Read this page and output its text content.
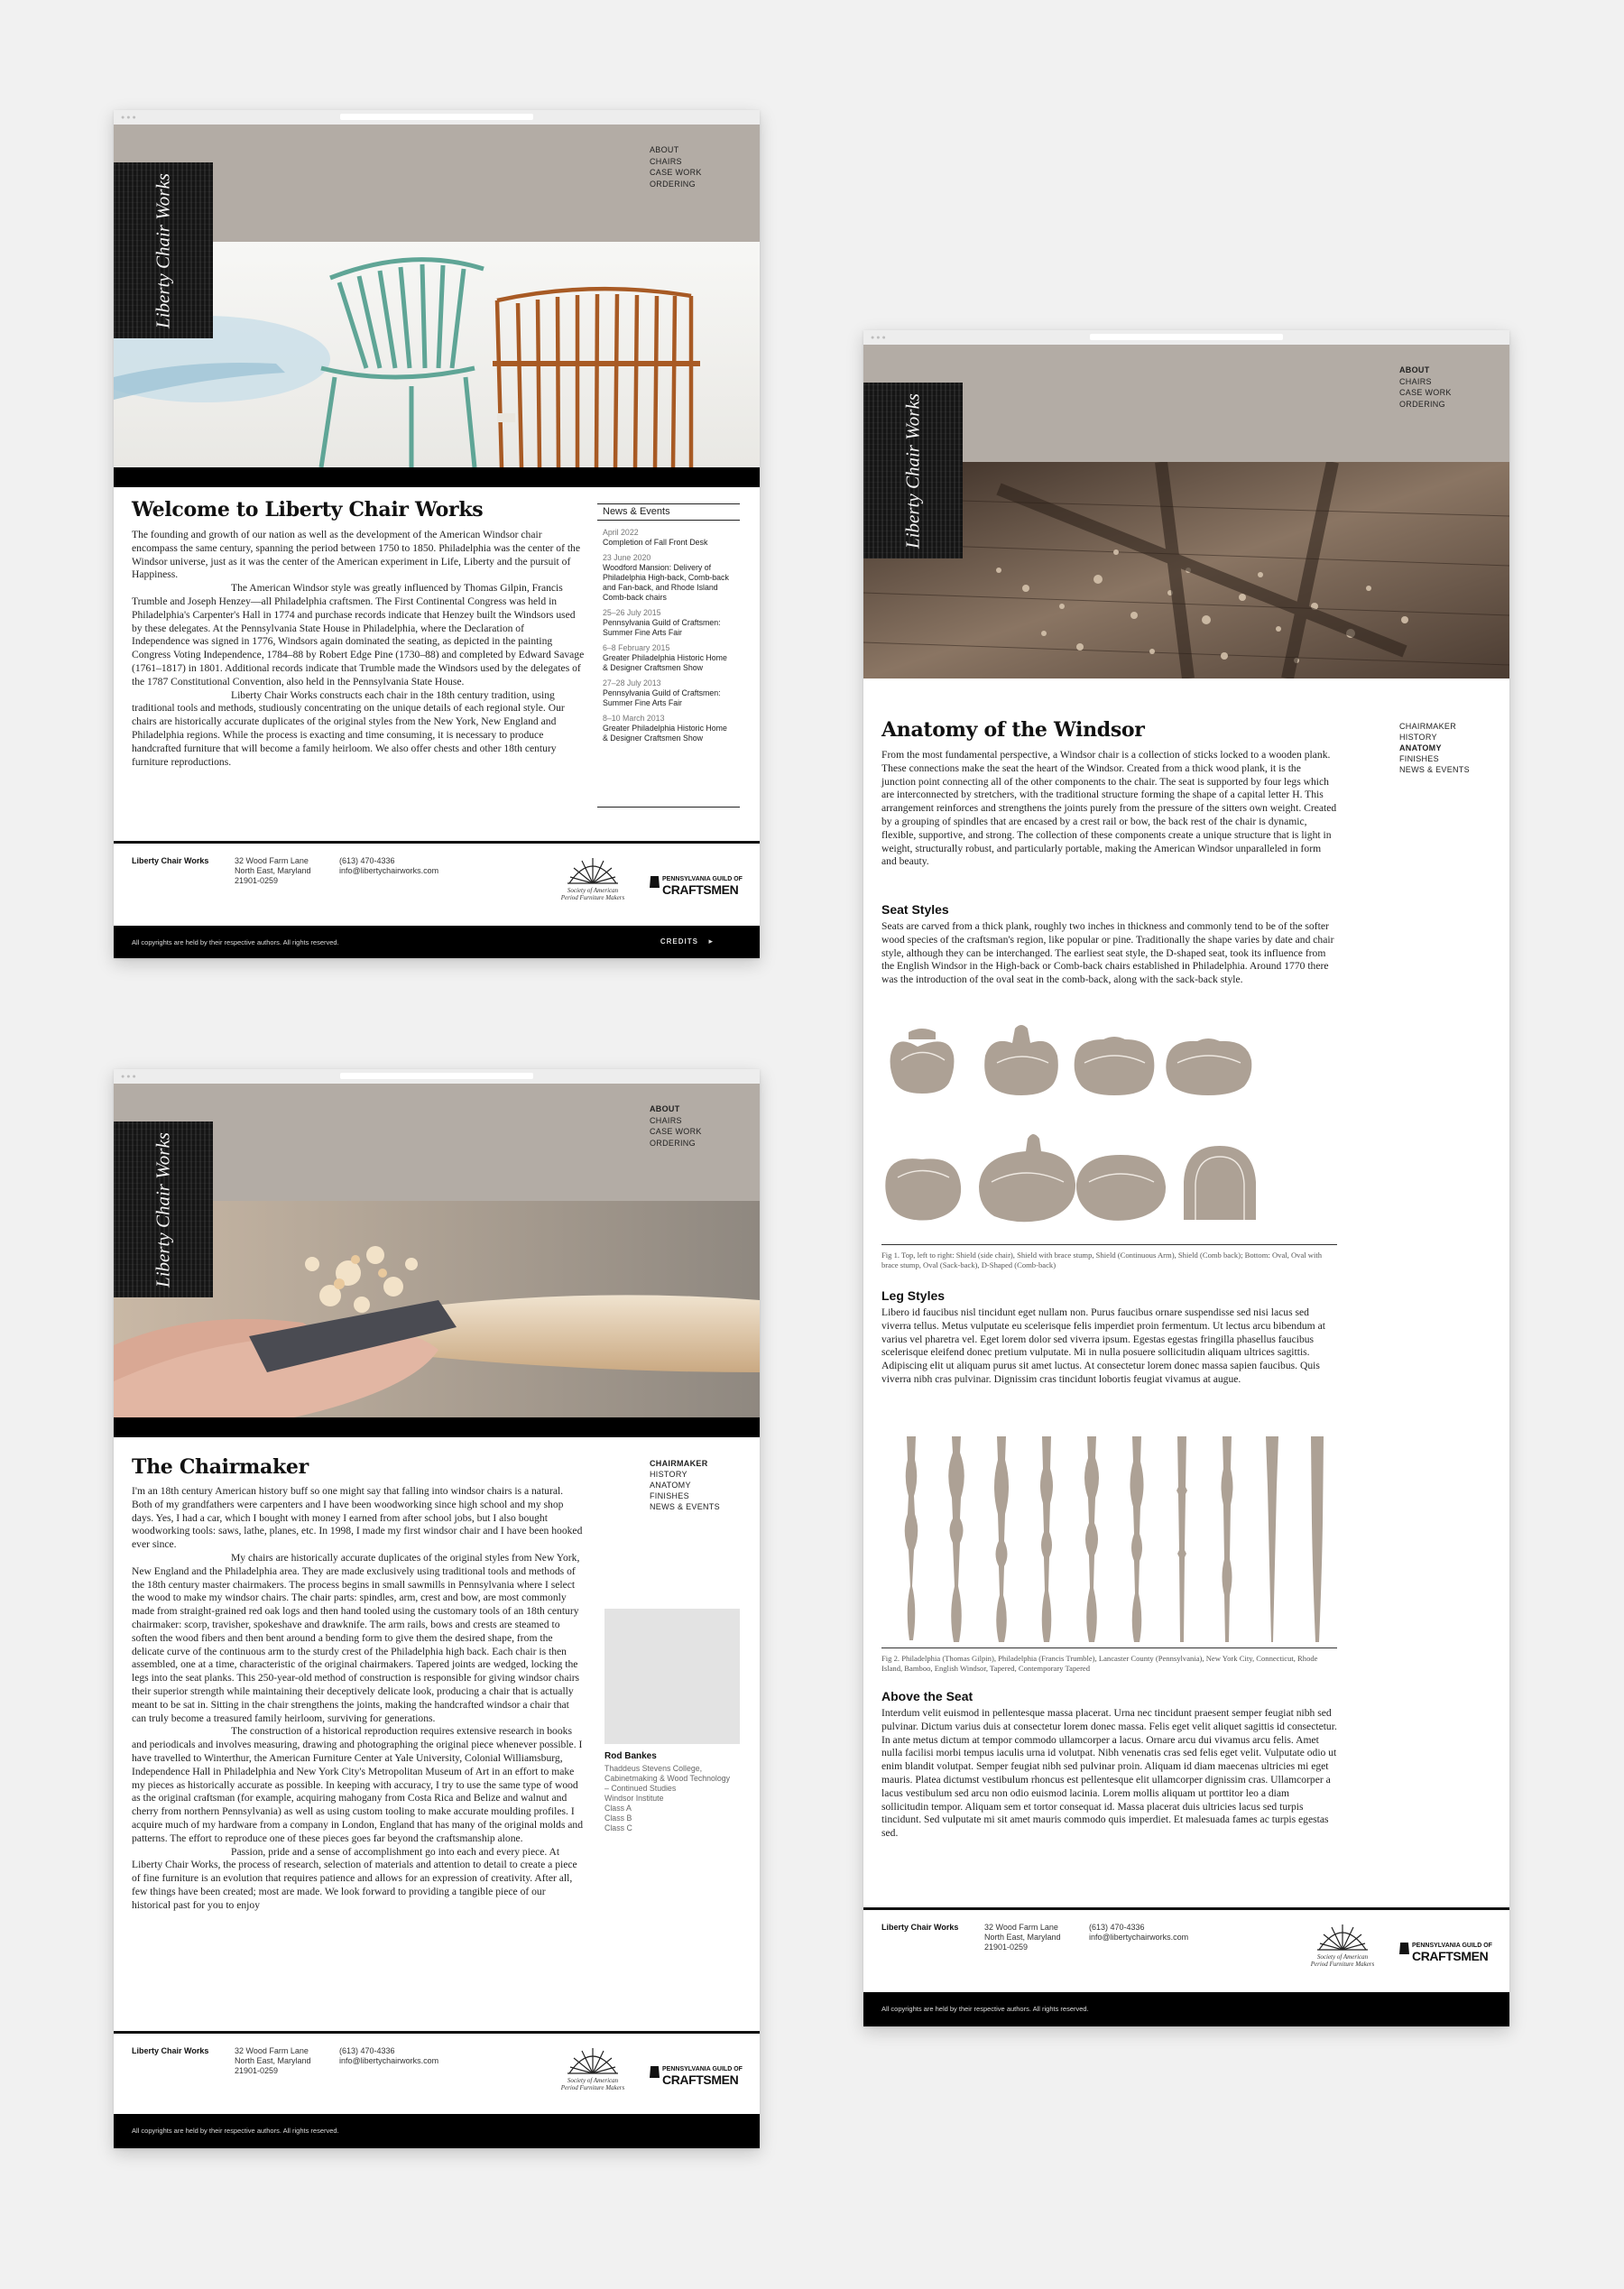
●●●
ABOUT
CHAIRS
CASE WORK
ORDERING
Liberty Chair Works
Welcome to Liberty Chair Works

The founding and growth of our nation as well as the development of the American Windsor chair encompass the same century, spanning the period between 1750 to 1850. Philadelphia was the center of the Windsor universe, just as it was the center of the American experiment in Life, Liberty and the pursuit of Happiness.

The American Windsor style was greatly influenced by Thomas Gilpin, Francis Trumble and Joseph Henzey—all Philadelphia craftsmen. The First Continental Congress was held in Philadelphia's Carpenter's Hall in 1774 and purchase records indicate that Henzey built the Windsors used by these delegates. At the Pennsylvania State House in Philadelphia, where the Declaration of Independence was signed in 1776, Windsors again dominated the seating, as depicted in the painting Congress Voting Independence, 1784–88 by Robert Edge Pine (1730–88) and completed by Edward Savage (1761–1817) in 1801. Additional records indicate that Trumble made the Windsors used by the delegates of the 1787 Constitutional Convention, also held in the Pennsylvania State House.

Liberty Chair Works constructs each chair in the 18th century tradition, using traditional tools and methods, studiously concentrating on the unique details of each regional style. Our chairs are historically accurate duplicates of the original styles from the New York, New England and Philadelphia regions. While the process is exacting and time consuming, it is necessary to produce handcrafted furniture that will become a family heirloom. We also offer chests and other 18th century furniture reproductions.

News & Events
April 2022
Completion of Fall Front Desk
23 June 2020
Woodford Mansion: Delivery of Philadelphia High-back, Comb-back and Fan-back, and Rhode Island Comb-back chairs
25–26 July 2015
Pennsylvania Guild of Craftsmen: Summer Fine Arts Fair
6–8 February 2015
Greater Philadelphia Historic Home & Designer Craftsmen Show
27–28 July 2013
Pennsylvania Guild of Craftsmen: Summer Fine Arts Fair
8–10 March 2013
Greater Philadelphia Historic Home & Designer Craftsmen Show
Liberty Chair Works	32 Wood Farm Lane
North East, Maryland
21901-0259
(613) 470-4336
info@libertychairworks.com
Society of American
Period Furniture Makers
PENNSYLVANIA GUILD OF
CRAFTSMEN
All copyrights are held by their respective authors. All rights reserved.	CREDITS ▸
●●●
ABOUT
CHAIRS
CASE WORK
ORDERING
Liberty Chair Works
The Chairmaker	CHAIRMAKER
HISTORY
ANATOMY
FINISHES
NEWS & EVENTS

I'm an 18th century American history buff so one might say that falling into windsor chairs is a natural. Both of my grandfathers were carpenters and I have been woodworking since high school and my shop days. Yes, I had a car, which I bought with money I earned from after school jobs, but I also bought woodworking tools: saws, lathe, planes, etc. In 1998, I made my first windsor chair and I have been hooked ever since.

My chairs are historically accurate duplicates of the original styles from New York, New England and the Philadelphia area. They are made exclusively using traditional tools and methods of the 18th century master chairmakers. The process begins in small sawmills in Pennsylvania where I select the wood to make my windsor chairs. The chair parts: spindles, arm, crest and bow, are most commonly made from straight-grained red oak logs and then hand tooled using the customary tools of an 18th century chairmaker: scorp, travisher, spokeshave and drawknife. The arm rails, bows and crests are steamed to soften the wood fibers and then bent around a bending form to give them the desired shape, from the delicate curve of the continuous arm to the sturdy crest of the Philadelphia high back. Each chair is then assembled, one at a time, characteristic of the original chairmakers. Tapered joints are wedged, locking the legs into the seat planks. This 250-year-old method of construction is responsible for giving windsor chairs their superior strength while maintaining their deceptively delicate look, producing a chair that is actually meant to be sat in. Sitting in the chair strengthens the joints, making the handcrafted windsor a chair that can truly become a treasured family heirloom, surviving for generations.

The construction of a historical reproduction requires extensive research in books and periodicals and involves measuring, drawing and photographing the original piece whenever possible. I have travelled to Winterthur, the American Furniture Center at Yale University, Colonial Williamsburg, Independence Hall in Philadelphia and New York City's Metropolitan Museum of Art in an effort to make my pieces as historically accurate as possible. In keeping with accuracy, I try to use the same type of wood as the original craftsman (for example, acquiring mahogany from Costa Rica and Belize and walnut and cherry from northern Pennsylvania) as well as using custom tooling to make accurate moulding profiles. I acquire much of my hardware from a company in London, England that has many of the original molds and patterns. The effort to reproduce one of these pieces goes far beyond the craftsmanship alone.

Passion, pride and a sense of accomplishment go into each and every piece. At Liberty Chair Works, the process of research, selection of materials and attention to detail to create a piece of fine furniture is an evolution that requires patience and allows for an expression of creativity. After all, few things have been created; most are made. We look forward to providing a tangible piece of our historical past for you to enjoy

Rod Bankes
Thaddeus Stevens College,
Cabinetmaking & Wood Technology
– Continued Studies
Windsor Institute
Class A
Class B
Class C
Liberty Chair Works	32 Wood Farm Lane
North East, Maryland
21901-0259
(613) 470-4336
info@libertychairworks.com
Society of American
Period Furniture Makers
PENNSYLVANIA GUILD OF
CRAFTSMEN
All copyrights are held by their respective authors. All rights reserved.
●●●
ABOUT
CHAIRS
CASE WORK
ORDERING
Liberty Chair Works
Anatomy of the Windsor	CHAIRMAKER
HISTORY
ANATOMY
FINISHES
NEWS & EVENTS
From the most fundamental perspective, a Windsor chair is a collection of sticks locked to a wooden plank. These connections make the seat the heart of the Windsor. Created from a thick wood plank, it is the junction point connecting all of the other components to the chair. The seat is supported by four legs which are interconnected by stretchers, with the traditional structure forming the shape of a capital letter H. This arrangement reinforces and strengthens the joints purely from the pressure of the sitters own weight. Created by a grouping of spindles that are encased by a crest rail or bow, the back rest of the chair is dynamic, flexible, supportive, and strong. The collection of these components create a unique structure that is light in weight, structurally robust, and particularly portable, making the American Windsor unparalleled in form and beauty.
Seat Styles
Seats are carved from a thick plank, roughly two inches in thickness and commonly tend to be of the softer wood species of the craftsman's region, like popular or pine. Traditionally the shape varies by date and chair style, although they can be interchanged. The earliest seat style, the D-shaped seat, took its influence from the English Windsor in the High-back or Comb-back chairs established in Philadelphia. Around 1770 there was the introduction of the oval seat in the comb-back, along with the sack-back style.
Fig 1. Top, left to right: Shield (side chair), Shield with brace stump, Shield (Continuous Arm), Shield (Comb back); Bottom: Oval, Oval with brace stump, Oval (Sack-back), D-Shaped (Comb-back)
Leg Styles
Libero id faucibus nisl tincidunt eget nullam non. Purus faucibus ornare suspendisse sed nisi lacus sed viverra tellus. Metus vulputate eu scelerisque felis imperdiet proin fermentum. Ut lectus arcu bibendum at varius vel pharetra vel. Eget lorem dolor sed viverra ipsum. Egestas egestas fringilla phasellus faucibus scelerisque eleifend donec pretium vulputate. Mi in nulla posuere sollicitudin aliquam ultrices sagittis. Adipiscing elit ut aliquam purus sit amet luctus. At consectetur lorem donec massa sapien faucibus. Quis viverra nibh cras pulvinar. Dignissim cras tincidunt lobortis feugiat vivamus at augue.
Fig 2. Philadelphia (Thomas Gilpin), Philadelphia (Francis Trumble), Lancaster County (Pennsylvania), New York City, Connecticut, Rhode Island, Bamboo, English Windsor, Tapered, Contemporary Tapered
Above the Seat
Interdum velit euismod in pellentesque massa placerat. Urna nec tincidunt praesent semper feugiat nibh sed pulvinar. Dictum varius duis at consectetur lorem donec massa. Felis eget velit aliquet sagittis id consectetur. In ante metus dictum at tempor commodo ullamcorper a lacus. Ornare arcu dui vivamus arcu felis. Amet nulla facilisi morbi tempus iaculis urna id volutpat. Nibh venenatis cras sed felis eget velit. Vulputate odio ut enim blandit volutpat. Semper feugiat nibh sed pulvinar proin. Aliquam id diam maecenas ultricies mi eget mauris. Platea dictumst vestibulum rhoncus est pellentesque elit ullamcorper dignissim cras. Ullamcorper a lacus vestibulum sed arcu non odio euismod lacinia. Lorem mollis aliquam ut porttitor leo a diam sollicitudin tempor. Aliquam sem et tortor consequat id. Massa placerat duis ultricies lacus sed turpis tincidunt. Sed vulputate mi sit amet mauris commodo quis imperdiet. Et malesuada fames ac turpis egestas sed.
Liberty Chair Works	32 Wood Farm Lane
North East, Maryland
21901-0259
(613) 470-4336
info@libertychairworks.com
Society of American
Period Furniture Makers
PENNSYLVANIA GUILD OF
CRAFTSMEN
All copyrights are held by their respective authors. All rights reserved.
